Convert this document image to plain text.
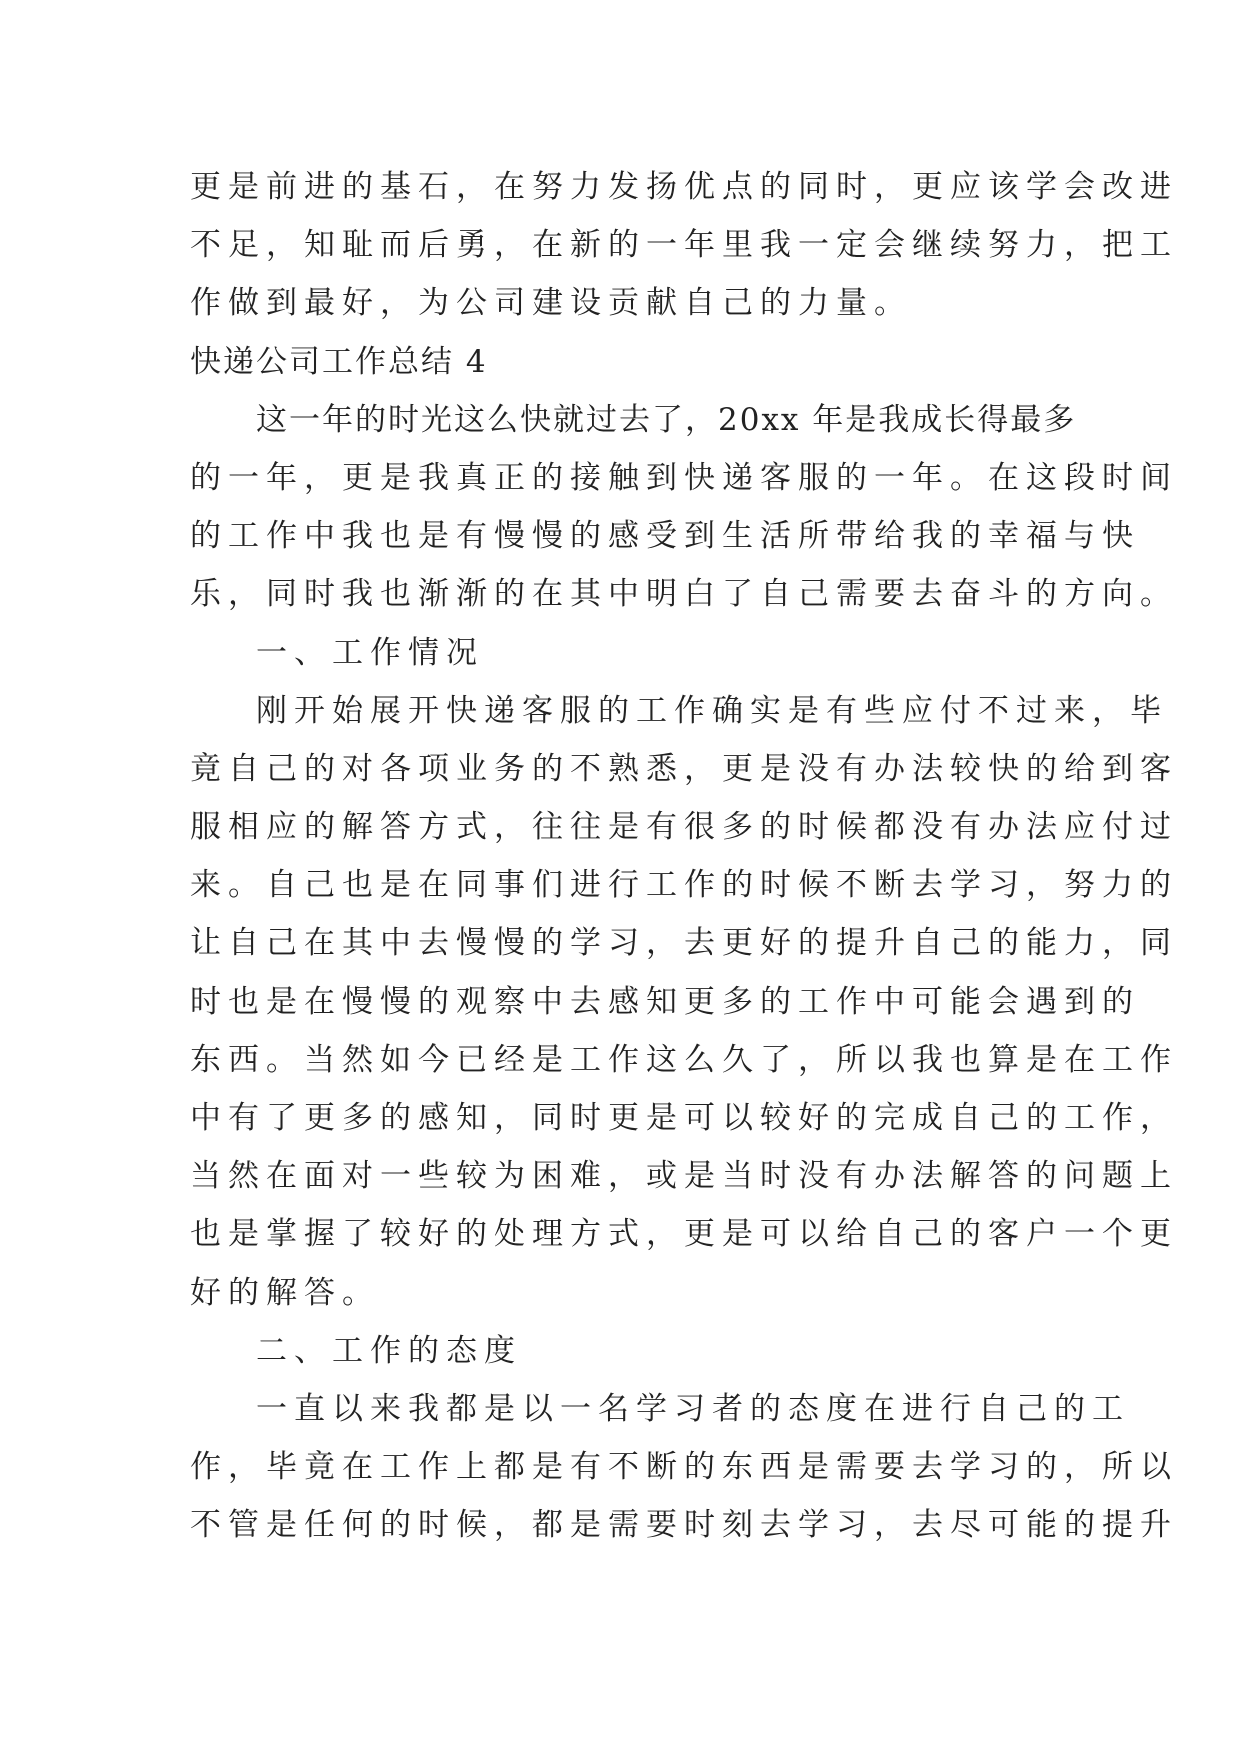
更是前进的基石，在努力发扬优点的同时，更应该学会改进
不足，知耻而后勇，在新的一年里我一定会继续努力，把工
作做到最好，为公司建设贡献自己的力量。
快递公司工作总结 4
这一年的时光这么快就过去了，20xx 年是我成长得最多
的一年，更是我真正的接触到快递客服的一年。在这段时间
的工作中我也是有慢慢的感受到生活所带给我的幸福与快
乐，同时我也渐渐的在其中明白了自己需要去奋斗的方向。
一、工作情况
刚开始展开快递客服的工作确实是有些应付不过来，毕
竟自己的对各项业务的不熟悉，更是没有办法较快的给到客
服相应的解答方式，往往是有很多的时候都没有办法应付过
来。自己也是在同事们进行工作的时候不断去学习，努力的
让自己在其中去慢慢的学习，去更好的提升自己的能力，同
时也是在慢慢的观察中去感知更多的工作中可能会遇到的
东西。当然如今已经是工作这么久了，所以我也算是在工作
中有了更多的感知，同时更是可以较好的完成自己的工作，
当然在面对一些较为困难，或是当时没有办法解答的问题上
也是掌握了较好的处理方式，更是可以给自己的客户一个更
好的解答。
二、工作的态度
一直以来我都是以一名学习者的态度在进行自己的工
作，毕竟在工作上都是有不断的东西是需要去学习的，所以
不管是任何的时候，都是需要时刻去学习，去尽可能的提升
